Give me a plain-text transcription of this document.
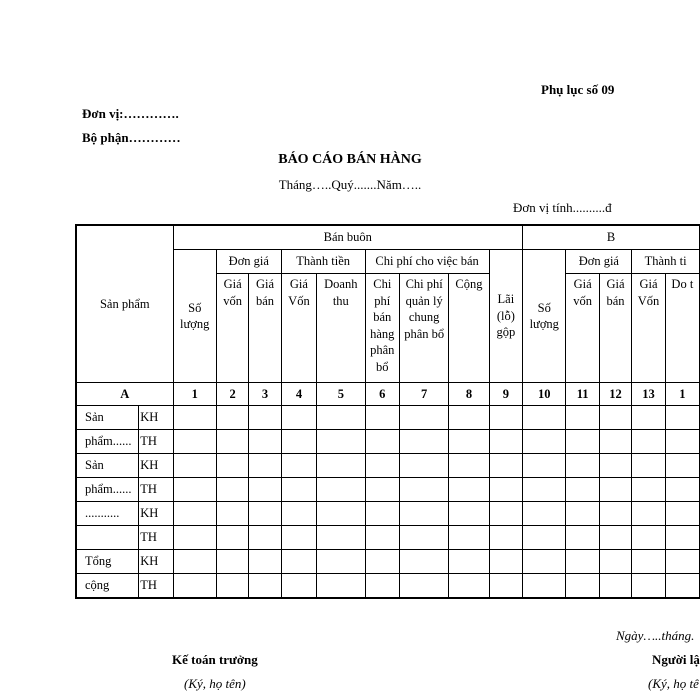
Phụ lục số 09
Đơn vị:………….
Bộ phận…………
BÁO CÁO BÁN HÀNG
Tháng…..Quý.......Năm…..
Đơn vị tính..........đ
Sản phẩm		Bán buôn									B				
		Số lượng	Đơn giá		Thành tiền		Chi phí cho việc bán			Lãi (lỗ) gộp	Số lượng	Đơn giá		Thành ti	
			Giá vốn	Giá bán	Giá Vốn	Doanh thu	Chi phí bán hàng phân bổ	Chi phí quản lý chung phân bổ	Cộng			Giá vốn	Giá bán	Giá Vốn	Do t
A		1	2	3	4	5	6	7	8	9	10	11	12	13	1
Sản	KH														
phẩm......	TH														
Sản	KH														
phẩm......	TH														
...........	KH														
	TH														
Tổng	KH														
cộng	TH														
Ngày…..tháng.
Kế toán trưởng
(Ký, họ tên)
Người lậ
(Ký, họ tê
